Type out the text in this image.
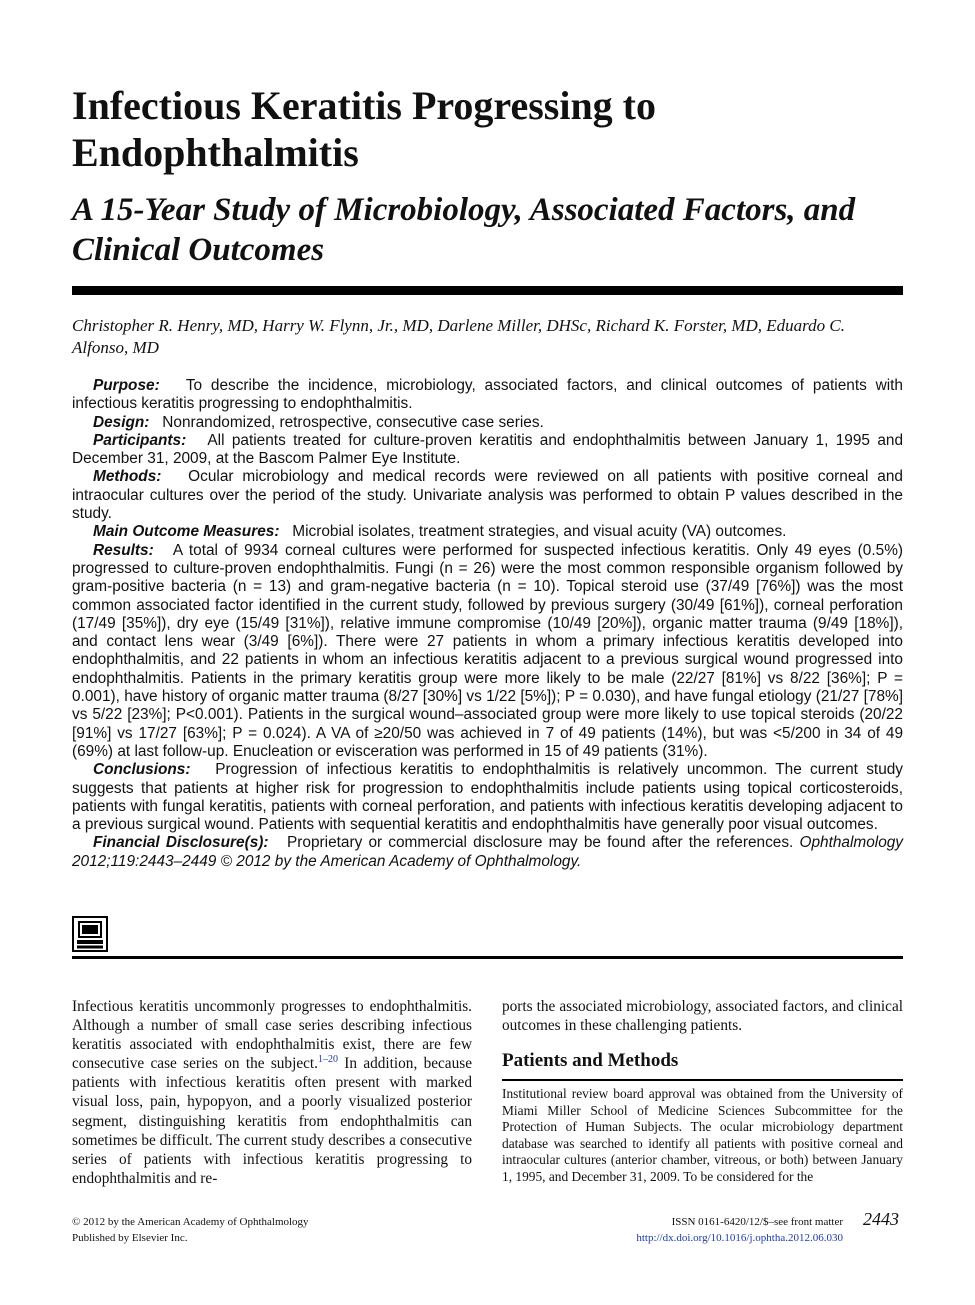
Infectious Keratitis Progressing to Endophthalmitis
A 15-Year Study of Microbiology, Associated Factors, and Clinical Outcomes
Christopher R. Henry, MD, Harry W. Flynn, Jr., MD, Darlene Miller, DHSc, Richard K. Forster, MD, Eduardo C. Alfonso, MD

Purpose: To describe the incidence, microbiology, associated factors, and clinical outcomes of patients with infectious keratitis progressing to endophthalmitis.

Design: Nonrandomized, retrospective, consecutive case series.

Participants: All patients treated for culture-proven keratitis and endophthalmitis between January 1, 1995 and December 31, 2009, at the Bascom Palmer Eye Institute.

Methods: Ocular microbiology and medical records were reviewed on all patients with positive corneal and intraocular cultures over the period of the study. Univariate analysis was performed to obtain P values described in the study.

Main Outcome Measures: Microbial isolates, treatment strategies, and visual acuity (VA) outcomes.

Results: A total of 9934 corneal cultures were performed for suspected infectious keratitis. Only 49 eyes (0.5%) progressed to culture-proven endophthalmitis. Fungi (n = 26) were the most common responsible organism followed by gram-positive bacteria (n = 13) and gram-negative bacteria (n = 10). Topical steroid use (37/49 [76%]) was the most common associated factor identified in the current study, followed by previous surgery (30/49 [61%]), corneal perforation (17/49 [35%]), dry eye (15/49 [31%]), relative immune compromise (10/49 [20%]), organic matter trauma (9/49 [18%]), and contact lens wear (3/49 [6%]). There were 27 patients in whom a primary infectious keratitis developed into endophthalmitis, and 22 patients in whom an infectious keratitis adjacent to a previous surgical wound progressed into endophthalmitis. Patients in the primary keratitis group were more likely to be male (22/27 [81%] vs 8/22 [36%]; P = 0.001), have history of organic matter trauma (8/27 [30%] vs 1/22 [5%]); P = 0.030), and have fungal etiology (21/27 [78%] vs 5/22 [23%]; P<0.001). Patients in the surgical wound–associated group were more likely to use topical steroids (20/22 [91%] vs 17/27 [63%]; P = 0.024). A VA of ≥20/50 was achieved in 7 of 49 patients (14%), but was <5/200 in 34 of 49 (69%) at last follow-up. Enucleation or evisceration was performed in 15 of 49 patients (31%).

Conclusions: Progression of infectious keratitis to endophthalmitis is relatively uncommon. The current study suggests that patients at higher risk for progression to endophthalmitis include patients using topical corticosteroids, patients with fungal keratitis, patients with corneal perforation, and patients with infectious keratitis developing adjacent to a previous surgical wound. Patients with sequential keratitis and endophthalmitis have generally poor visual outcomes.

Financial Disclosure(s): Proprietary or commercial disclosure may be found after the references. Ophthalmology 2012;119:2443–2449 © 2012 by the American Academy of Ophthalmology.

Infectious keratitis uncommonly progresses to endophthalmitis. Although a number of small case series describing infectious keratitis associated with endophthalmitis exist, there are few consecutive case series on the subject.$^{1-20}$ In addition, because patients with infectious keratitis often present with marked visual loss, pain, hypopyon, and a poorly visualized posterior segment, distinguishing keratitis from endophthalmitis can sometimes be difficult. The current study describes a consecutive series of patients with infectious keratitis progressing to endophthalmitis and re-

ports the associated microbiology, associated factors, and clinical outcomes in these challenging patients.

Patients and Methods

Institutional review board approval was obtained from the University of Miami Miller School of Medicine Sciences Subcommittee for the Protection of Human Subjects. The ocular microbiology department database was searched to identify all patients with positive corneal and intraocular cultures (anterior chamber, vitreous, or both) between January 1, 1995, and December 31, 2009. To be considered for the

© 2012 by the American Academy of Ophthalmology
Published by Elsevier Inc.
ISSN 0161-6420/12/$–see front matter
http://dx.doi.org/10.1016/j.ophtha.2012.06.030
2443
